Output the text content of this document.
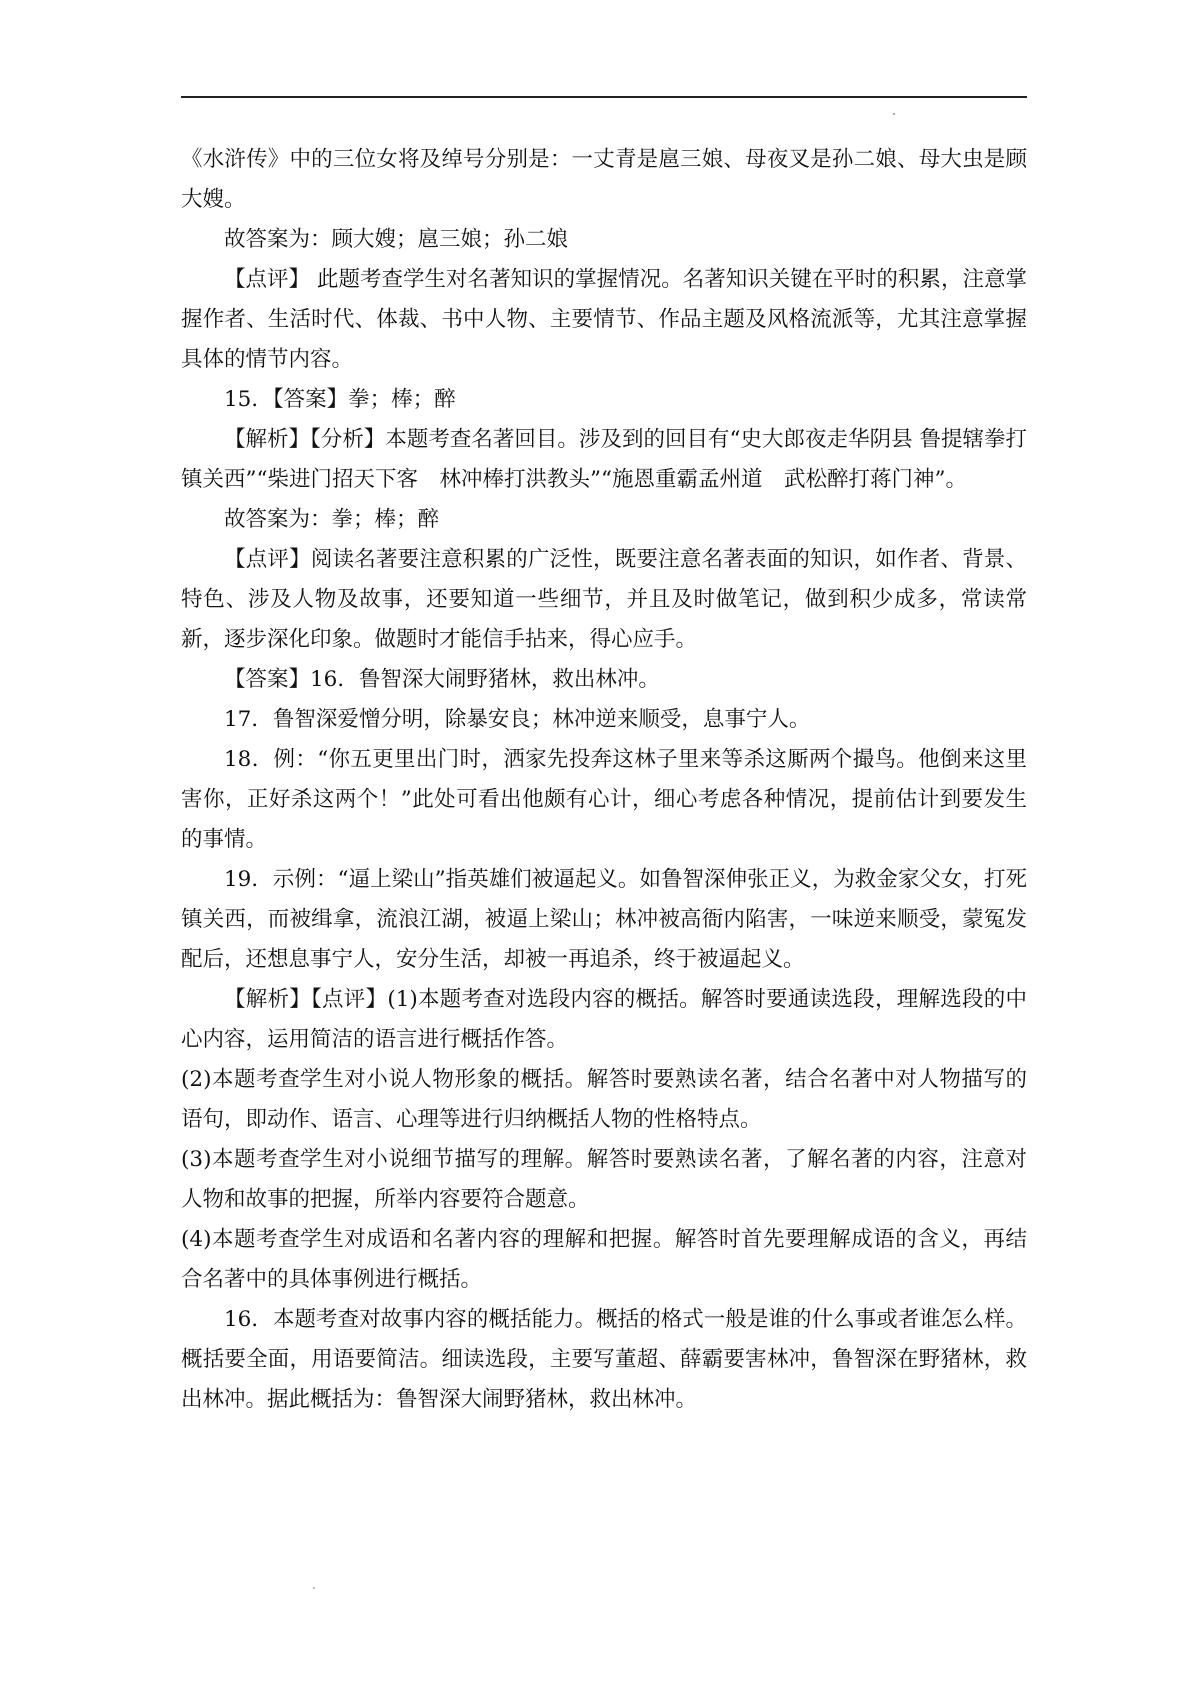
《水浒传》中的三位女将及绰号分别是：一丈青是扈三娘、母夜叉是孙二娘、母大虫是顾大嫂。

故答案为：顾大嫂；扈三娘；孙二娘

【点评】 此题考查学生对名著知识的掌握情况。名著知识关键在平时的积累，注意掌握作者、生活时代、体裁、书中人物、主要情节、作品主题及风格流派等，尤其注意掌握具体的情节内容。

15．【答案】拳；棒；醉

【解析】【分析】本题考查名著回目。涉及到的回目有“史大郎夜走华阴县 鲁提辖拳打镇关西”“柴进门招天下客　林冲棒打洪教头”“施恩重霸孟州道　武松醉打蒋门神”。

故答案为：拳；棒；醉

【点评】阅读名著要注意积累的广泛性，既要注意名著表面的知识，如作者、背景、特色、涉及人物及故事，还要知道一些细节，并且及时做笔记，做到积少成多，常读常新，逐步深化印象。做题时才能信手拈来，得心应手。

【答案】16．鲁智深大闹野猪林，救出林冲。

17．鲁智深爱憎分明，除暴安良；林冲逆来顺受，息事宁人。

18．例：“你五更里出门时，洒家先投奔这林子里来等杀这厮两个撮鸟。他倒来这里害你，正好杀这两个！”此处可看出他颇有心计，细心考虑各种情况，提前估计到要发生的事情。

19．示例：“逼上梁山”指英雄们被逼起义。如鲁智深伸张正义，为救金家父女，打死镇关西，而被缉拿，流浪江湖，被逼上梁山；林冲被高衙内陷害，一味逆来顺受，蒙冤发配后，还想息事宁人，安分生活，却被一再追杀，终于被逼起义。

【解析】【点评】(1)本题考查对选段内容的概括。解答时要通读选段，理解选段的中心内容，运用简洁的语言进行概括作答。

(2)本题考查学生对小说人物形象的概括。解答时要熟读名著，结合名著中对人物描写的语句，即动作、语言、心理等进行归纳概括人物的性格特点。

(3)本题考查学生对小说细节描写的理解。解答时要熟读名著，了解名著的内容，注意对人物和故事的把握，所举内容要符合题意。

(4)本题考查学生对成语和名著内容的理解和把握。解答时首先要理解成语的含义，再结合名著中的具体事例进行概括。

16．本题考查对故事内容的概括能力。概括的格式一般是谁的什么事或者谁怎么样。概括要全面，用语要简洁。细读选段，主要写董超、薛霸要害林冲，鲁智深在野猪林，救出林冲。据此概括为：鲁智深大闹野猪林，救出林冲。
